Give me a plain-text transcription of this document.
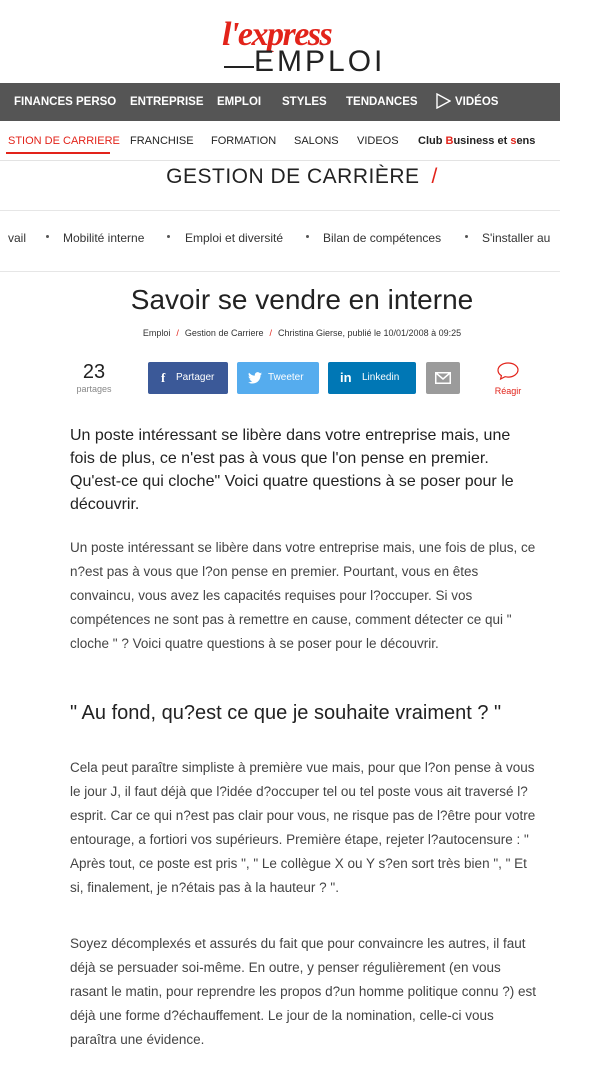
l'express
EMPLOI
FINANCES PERSO ENTREPRISE EMPLOI STYLES TENDANCES	VIDÉOS
STION DE CARRIERE FRANCHISE FORMATION SALONS VIDEOS Club Business et sens
GESTION DE CARRIÈRE /
vail	Mobilité interne	Emploi et diversité	Bilan de compétences	S'installer au
Savoir se vendre en interne
Emploi / Gestion de Carriere / Christina Gierse, publié le 10/01/2008 à 09:25
23
partages
f Partager	Tweeter	in Linkedin
Réagir
Un poste intéressant se libère dans votre entreprise mais, une fois de plus, ce n'est pas à vous que l'on pense en premier. Qu'est-ce qui cloche" Voici quatre questions à se poser pour le découvrir.
Un poste intéressant se libère dans votre entreprise mais, une fois de plus, ce n?est pas à vous que l?on pense en premier. Pourtant, vous en êtes convaincu, vous avez les capacités requises pour l?occuper. Si vos compétences ne sont pas à remettre en cause, comment détecter ce qui " cloche " ? Voici quatre questions à se poser pour le découvrir.
" Au fond, qu?est ce que je souhaite vraiment ? "
Cela peut paraître simpliste à première vue mais, pour que l?on pense à vous le jour J, il faut déjà que l?idée d?occuper tel ou tel poste vous ait traversé l?esprit. Car ce qui n?est pas clair pour vous, ne risque pas de l?être pour votre entourage, a fortiori vos supérieurs. Première étape, rejeter l?autocensure : " Après tout, ce poste est pris ", " Le collègue X ou Y s?en sort très bien ", " Et si, finalement, je n?étais pas à la hauteur ? ".
Soyez décomplexés et assurés du fait que pour convaincre les autres, il faut déjà se persuader soi-même. En outre, y penser régulièrement (en vous rasant le matin, pour reprendre les propos d?un homme politique connu ?) est déjà une forme d?échauffement. Le jour de la nomination, celle-ci vous paraîtra une évidence.
